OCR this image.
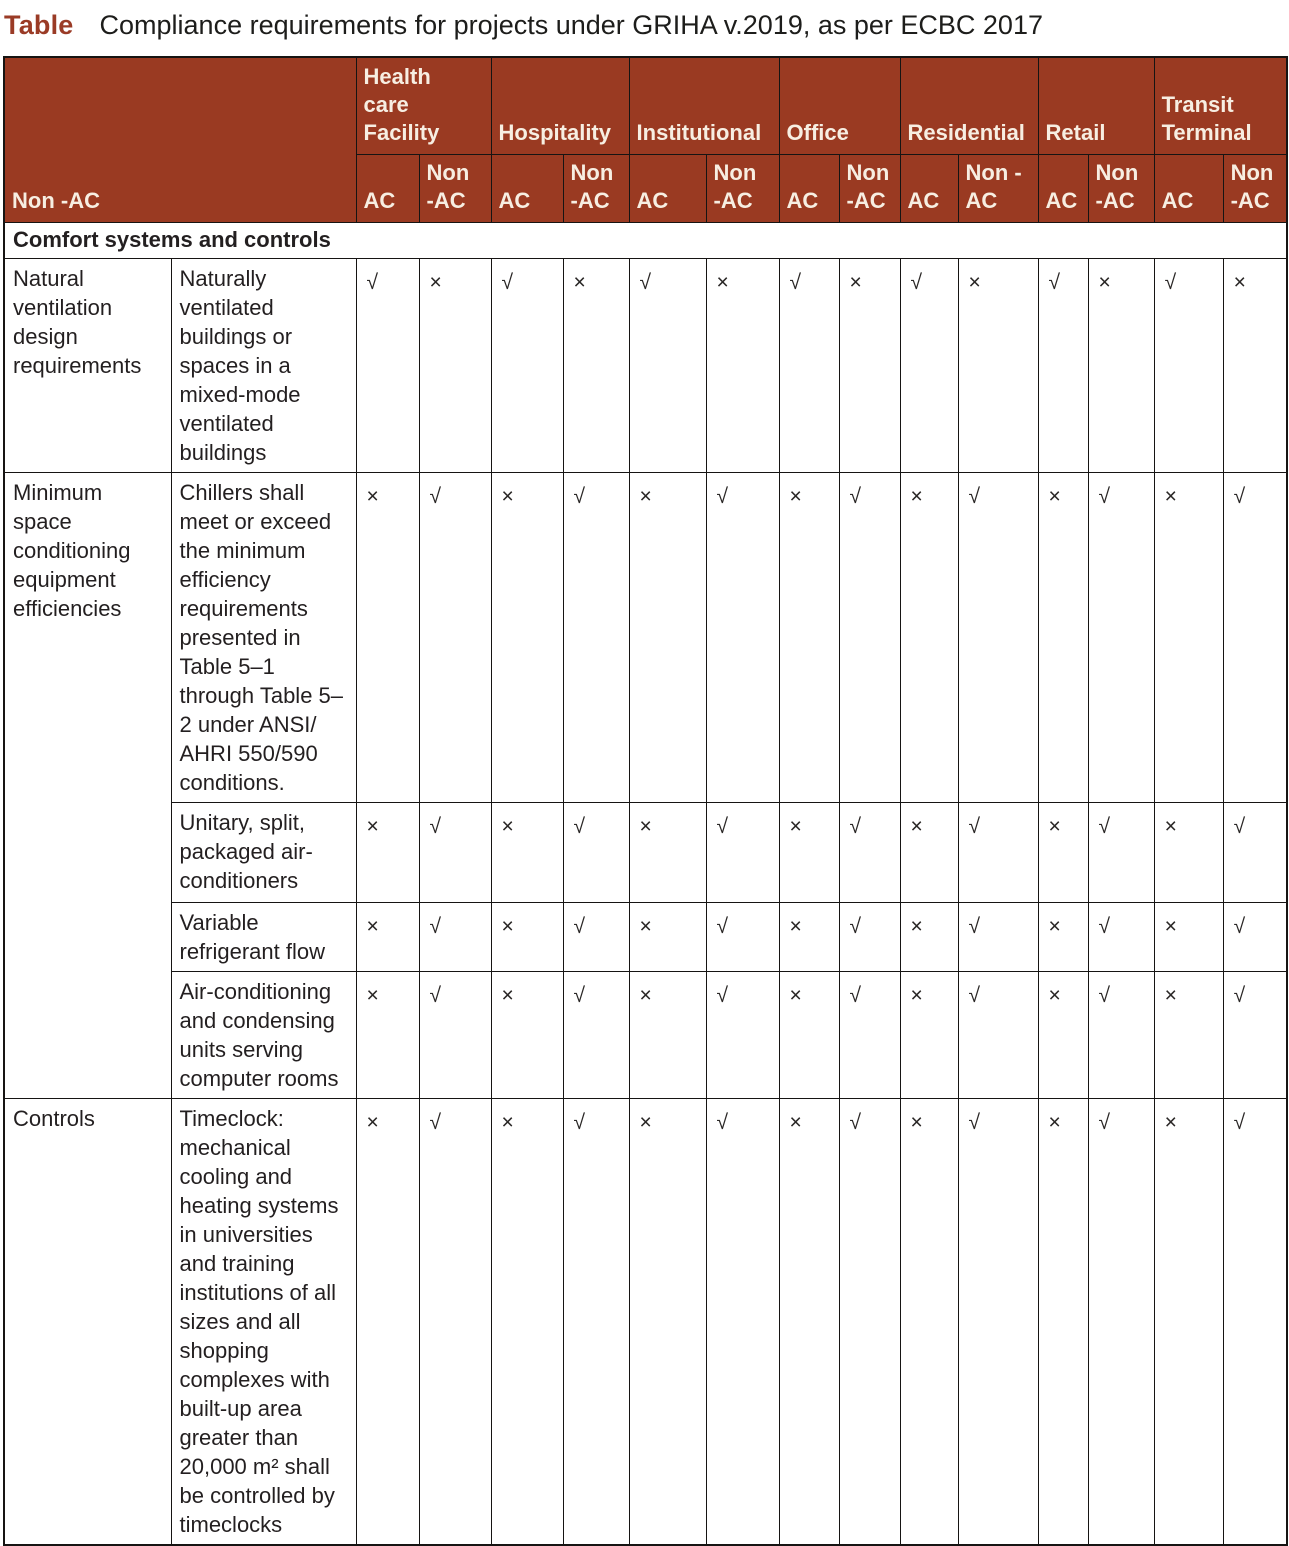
Table Compliance requirements for projects under GRIHA v.2019, as per ECBC 2017
Non -AC		Health care Facility		Hospitality		Institutional		Office		Residential		Retail		Transit Terminal	
		AC	Non -AC	AC	Non -AC	AC	Non -AC	AC	Non -AC	AC	Non -AC	AC	Non -AC	AC	Non -AC
Comfort systems and controls															
Natural ventilation design requirements	Naturally ventilated buildings or spaces in a mixed-mode ventilated buildings	√	×	√	×	√	×	√	×	√	×	√	×	√	×
Minimum space conditioning equipment efficiencies	Chillers shall meet or exceed the minimum efficiency requirements presented in Table 5–1 through Table 5–2 under ANSI/ AHRI 550/590 conditions.	×	√	×	√	×	√	×	√	×	√	×	√	×	√
	Unitary, split, packaged air-conditioners	×	√	×	√	×	√	×	√	×	√	×	√	×	√
	Variable refrigerant flow	×	√	×	√	×	√	×	√	×	√	×	√	×	√
	Air-conditioning and condensing units serving computer rooms	×	√	×	√	×	√	×	√	×	√	×	√	×	√
Controls	Timeclock: mechanical cooling and heating systems in universities and training institutions of all sizes and all shopping complexes with built-up area greater than 20,000 m² shall be controlled by timeclocks	×	√	×	√	×	√	×	√	×	√	×	√	×	√
